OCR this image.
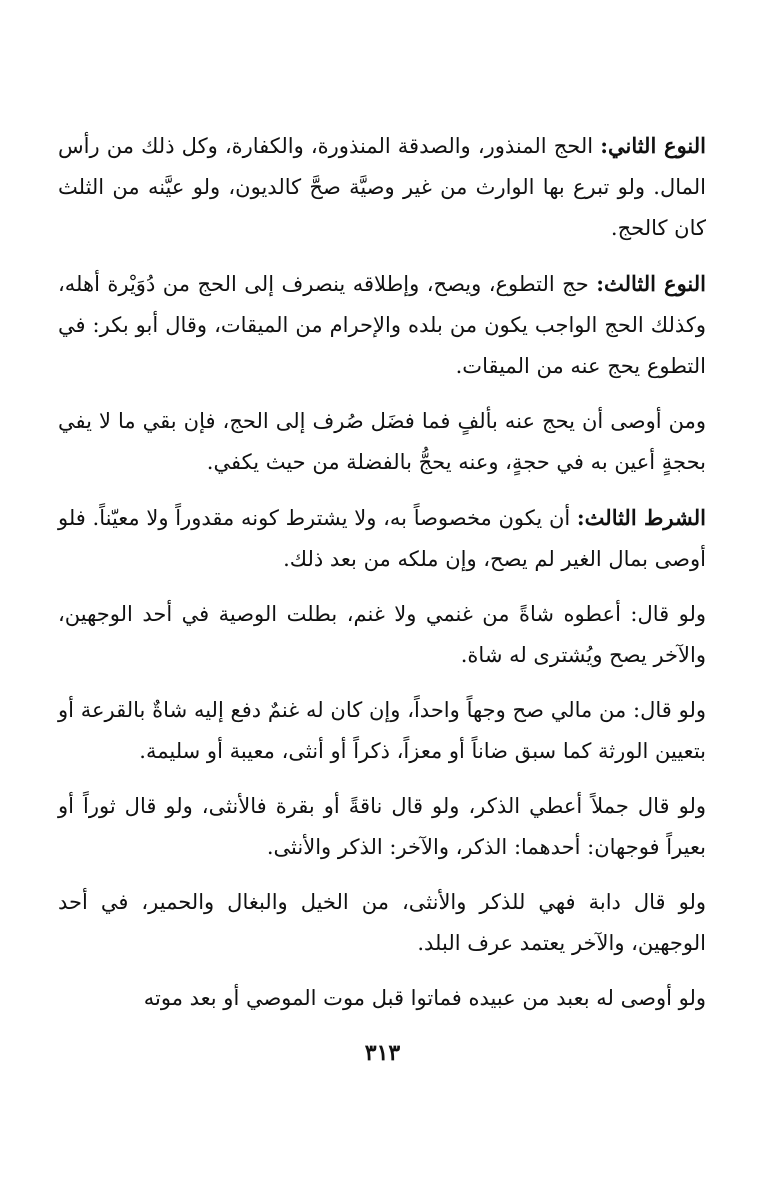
النوع الثاني: الحج المنذور، والصدقة المنذورة، والكفارة، وكل ذلك من رأس المال. ولو تبرع بها الوارث من غير وصيَّة صحَّ كالديون، ولو عيَّنه من الثلث كان كالحج.

النوع الثالث: حج التطوع، ويصح، وإطلاقه ينصرف إلى الحج من دُوَيْرة أهله، وكذلك الحج الواجب يكون من بلده والإحرام من الميقات، وقال أبو بكر: في التطوع يحج عنه من الميقات.

ومن أوصى أن يحج عنه بألفٍ فما فضَل صُرف إلى الحج، فإن بقي ما لا يفي بحجةٍ أعين به في حجةٍ، وعنه يحجُّ بالفضلة من حيث يكفي.

الشرط الثالث: أن يكون مخصوصاً به، ولا يشترط كونه مقدوراً ولا معيّناً. فلو أوصى بمال الغير لم يصح، وإن ملكه من بعد ذلك.

ولو قال: أعطوه شاةً من غنمي ولا غنم، بطلت الوصية في أحد الوجهين، والآخر يصح ويُشترى له شاة.

ولو قال: من مالي صح وجهاً واحداً، وإن كان له غنمٌ دفع إليه شاةٌ بالقرعة أو بتعيين الورثة كما سبق ضاناً أو معزاً، ذكراً أو أنثى، معيبة أو سليمة.

ولو قال جملاً أعطي الذكر، ولو قال ناقةً أو بقرة فالأنثى، ولو قال ثوراً أو بعيراً فوجهان: أحدهما: الذكر، والآخر: الذكر والأنثى.

ولو قال دابة فهي للذكر والأنثى، من الخيل والبغال والحمير، في أحد الوجهين، والآخر يعتمد عرف البلد.

ولو أوصى له بعبد من عبيده فماتوا قبل موت الموصي أو بعد موته

٣١٣
